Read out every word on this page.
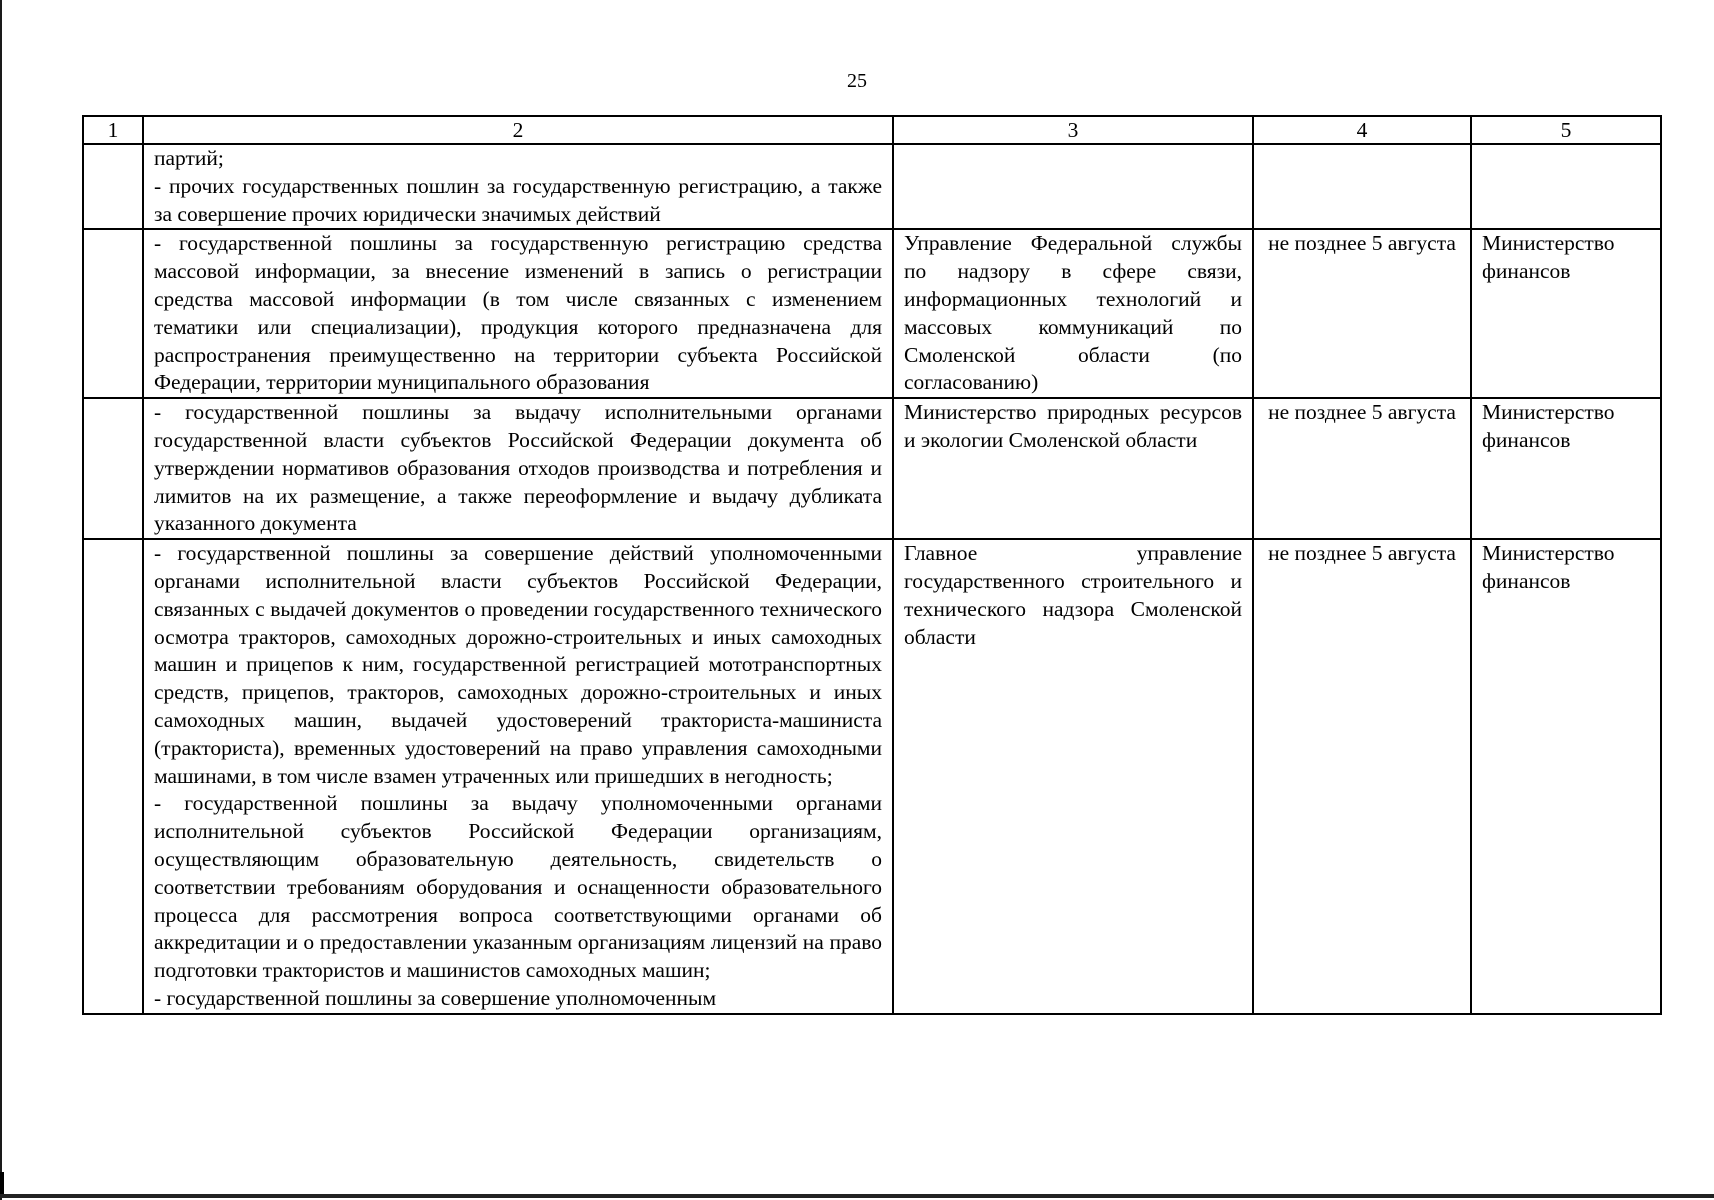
25
1	2	3	4	5

	партий;
- прочих государственных пошлин за государственную регистрацию, а также за совершение прочих юридически значимых действий			

	- государственной пошлины за государственную регистрацию средства массовой информации, за внесение изменений в запись о регистрации средства массовой информации (в том числе связанных с изменением тематики или специализации), продукция которого предназначена для распространения преимущественно на территории субъекта Российской Федерации, территории муниципального образования	Управление Федеральной службы по надзору в сфере связи, информационных технологий и массовых коммуникаций по Смоленской области (по согласованию)	не позднее 5 августа	Министерство финансов

	- государственной пошлины за выдачу исполнительными органами государственной власти субъектов Российской Федерации документа об утверждении нормативов образования отходов производства и потребления и лимитов на их размещение, а также переоформление и выдачу дубликата указанного документа	Министерство природных ресурсов и экологии Смоленской области	не позднее 5 августа	Министерство финансов

	- государственной пошлины за совершение действий уполномоченными органами исполнительной власти субъектов Российской Федерации, связанных с выдачей документов о проведении государственного технического осмотра тракторов, самоходных дорожно-строительных и иных самоходных машин и прицепов к ним, государственной регистрацией мототранспортных средств, прицепов, тракторов, самоходных дорожно-строительных и иных самоходных машин, выдачей удостоверений тракториста-машиниста (тракториста), временных удостоверений на право управления самоходными машинами, в том числе взамен утраченных или пришедших в негодность;
- государственной пошлины за выдачу уполномоченными органами исполнительной субъектов Российской Федерации организациям, осуществляющим образовательную деятельность, свидетельств о соответствии требованиям оборудования и оснащенности образовательного процесса для рассмотрения вопроса соответствующими органами об аккредитации и о предоставлении указанным организациям лицензий на право подготовки трактористов и машинистов самоходных машин;
- государственной пошлины за совершение уполномоченным	Главное управление государственного строительного и технического надзора Смоленской области	не позднее 5 августа	Министерство финансов
